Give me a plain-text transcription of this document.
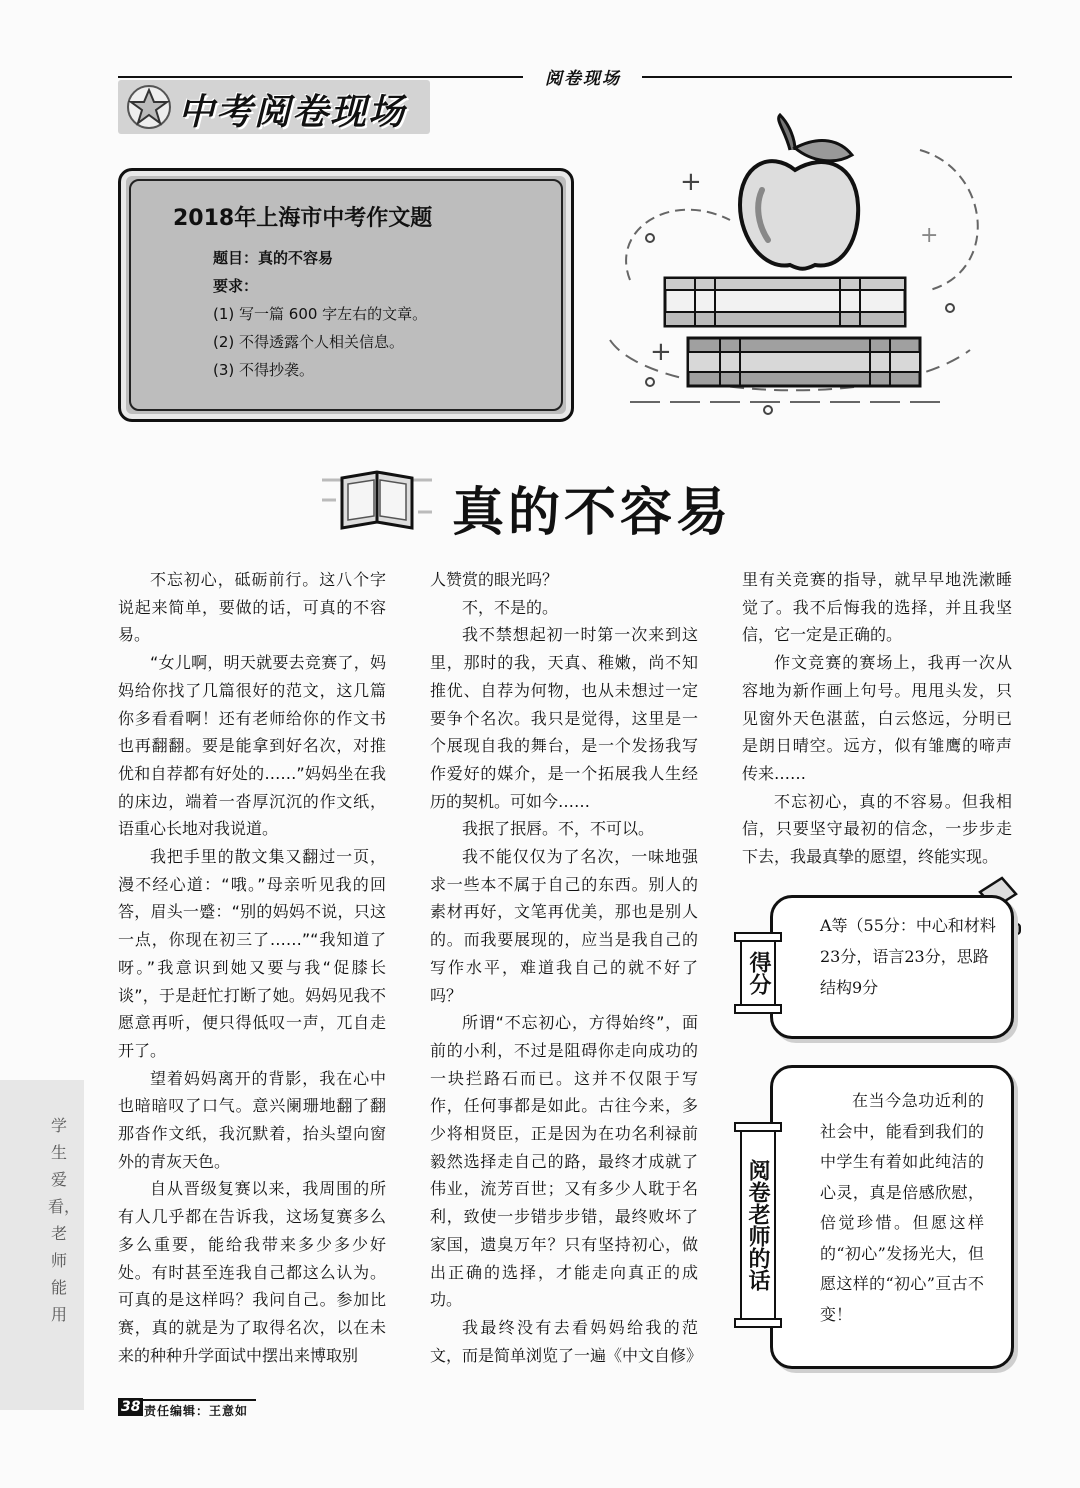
阅卷现场
中考阅卷现场
2018年上海市中考作文题
题目：真的不容易
要求：
(1) 写一篇 600 字左右的文章。
(2) 不得透露个人相关信息。
(3) 不得抄袭。
+
+
+
真的不容易

不忘初心，砥砺前行。这八个字说起来简单，要做的话，可真的不容易。

“女儿啊，明天就要去竞赛了，妈妈给你找了几篇很好的范文，这几篇你多看看啊！还有老师给你的作文书也再翻翻。要是能拿到好名次，对推优和自荐都有好处的……”妈妈坐在我的床边，端着一沓厚沉沉的作文纸，语重心长地对我说道。

我把手里的散文集又翻过一页，漫不经心道：“哦。”母亲听见我的回答，眉头一蹙：“别的妈妈不说，只这一点，你现在初三了……”“我知道了呀。”我意识到她又要与我“促膝长谈”，于是赶忙打断了她。妈妈见我不愿意再听，便只得低叹一声，兀自走开了。

望着妈妈离开的背影，我在心中也暗暗叹了口气。意兴阑珊地翻了翻那沓作文纸，我沉默着，抬头望向窗外的青灰天色。

自从晋级复赛以来，我周围的所有人几乎都在告诉我，这场复赛多么多么重要，能给我带来多少多少好处。有时甚至连我自己都这么认为。可真的是这样吗？我问自己。参加比赛，真的就是为了取得名次，以在未来的种种升学面试中摆出来博取别

人赞赏的眼光吗？

不，不是的。

我不禁想起初一时第一次来到这里，那时的我，天真、稚嫩，尚不知推优、自荐为何物，也从未想过一定要争个名次。我只是觉得，这里是一个展现自我的舞台，是一个发扬我写作爱好的媒介，是一个拓展我人生经历的契机。可如今……

我抿了抿唇。不，不可以。

我不能仅仅为了名次，一味地强求一些本不属于自己的东西。别人的素材再好，文笔再优美，那也是别人的。而我要展现的，应当是我自己的写作水平，难道我自己的就不好了吗？

所谓“不忘初心，方得始终”，面前的小利，不过是阻碍你走向成功的一块拦路石而已。这并不仅限于写作，任何事都是如此。古往今来，多少将相贤臣，正是因为在功名利禄前毅然选择走自己的路，最终才成就了伟业，流芳百世；又有多少人耽于名利，致使一步错步步错，最终败坏了家国，遗臭万年？只有坚持初心，做出正确的选择，才能走向真正的成功。

我最终没有去看妈妈给我的范文，而是简单浏览了一遍《中文自修》

里有关竞赛的指导，就早早地洗漱睡觉了。我不后悔我的选择，并且我坚信，它一定是正确的。

作文竞赛的赛场上，我再一次从容地为新作画上句号。甩甩头发，只见窗外天色湛蓝，白云悠远，分明已是朗日晴空。远方，似有雏鹰的啼声传来……

不忘初心，真的不容易。但我相信，只要坚守最初的信念，一步步走下去，我最真挚的愿望，终能实现。

得分
A等（55分：中心和材料23分，语言23分，思路结构9分
阅卷老师的话

在当今急功近利的社会中，能看到我们的中学生有着如此纯洁的心灵，真是倍感欣慰，倍觉珍惜。但愿这样的“初心”发扬光大，但愿这样的“初心”亘古不变！

学生爱看，老师能用
38 责任编辑：王意如
